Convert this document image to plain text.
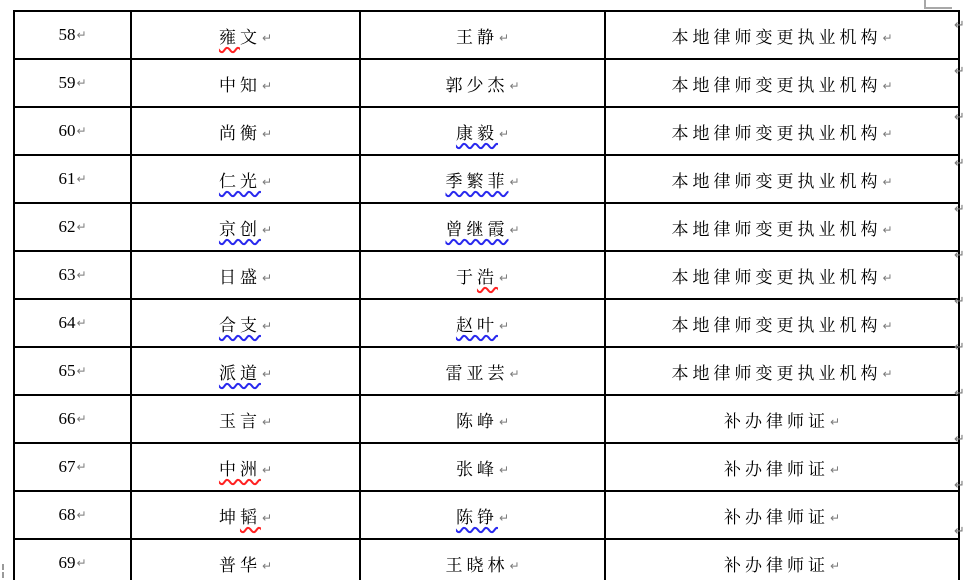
58↵	雍文↵	王静↵	本地律师变更执业机构↵
59↵	中知↵	郭少杰↵	本地律师变更执业机构↵
60↵	尚衡↵	康毅↵	本地律师变更执业机构↵
61↵	仁光↵	季繁菲↵	本地律师变更执业机构↵
62↵	京创↵	曾继霞↵	本地律师变更执业机构↵
63↵	日盛↵	于浩↵	本地律师变更执业机构↵
64↵	合支↵	赵叶↵	本地律师变更执业机构↵
65↵	派道↵	雷亚芸↵	本地律师变更执业机构↵
66↵	玉言↵	陈峥↵	补办律师证↵
67↵	中洲↵	张峰↵	补办律师证↵
68↵	坤韬↵	陈铮↵	补办律师证↵
69↵	普华↵	王晓林↵	补办律师证↵
↵
↵
↵
↵
↵
↵
↵
↵
↵
↵
↵
↵
